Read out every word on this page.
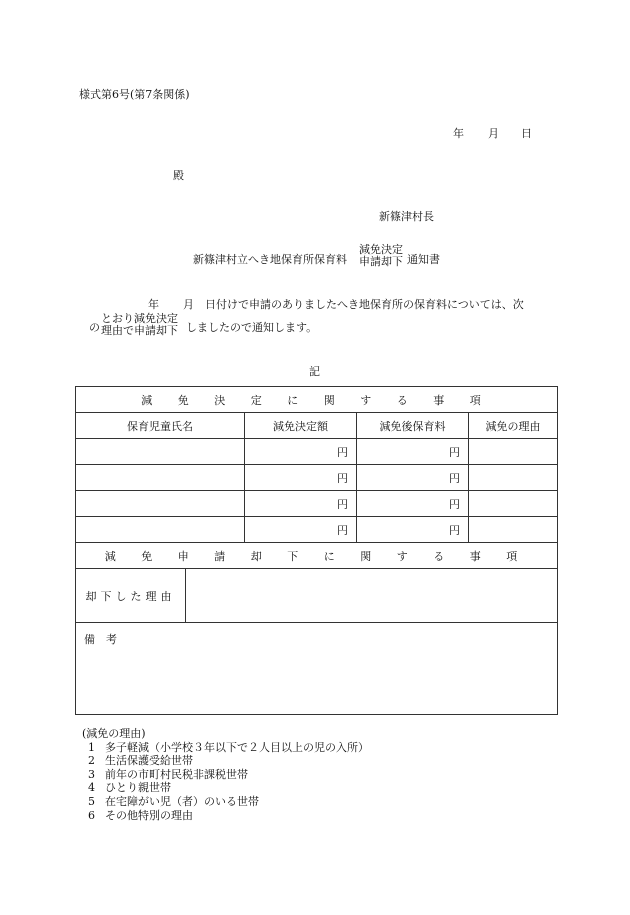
様式第6号(第7条関係)
年 月 日
殿
新篠津村長
新篠津村立へき地保育所保育料
減免決定
申請却下 通知書
年 月 日付けで申請のありましたへき地保育所の保育料については、次
の
とおり減免決定
理由で申請却下 しましたので通知します。
記
減 免 決 定 に 関 す る 事 項				
保育児童氏名		減免決定額	減免後保育料	減免の理由
		円	円	
		円	円	
		円	円	
		円	円	
減 免 申 請 却 下 に 関 す る 事 項				
却下した理由				
備　考				
(減免の理由)
1 多子軽減（小学校３年以下で２人目以上の児の入所）
2 生活保護受給世帯
3 前年の市町村民税非課税世帯
4 ひとり親世帯
5 在宅障がい児（者）のいる世帯
6 その他特別の理由
